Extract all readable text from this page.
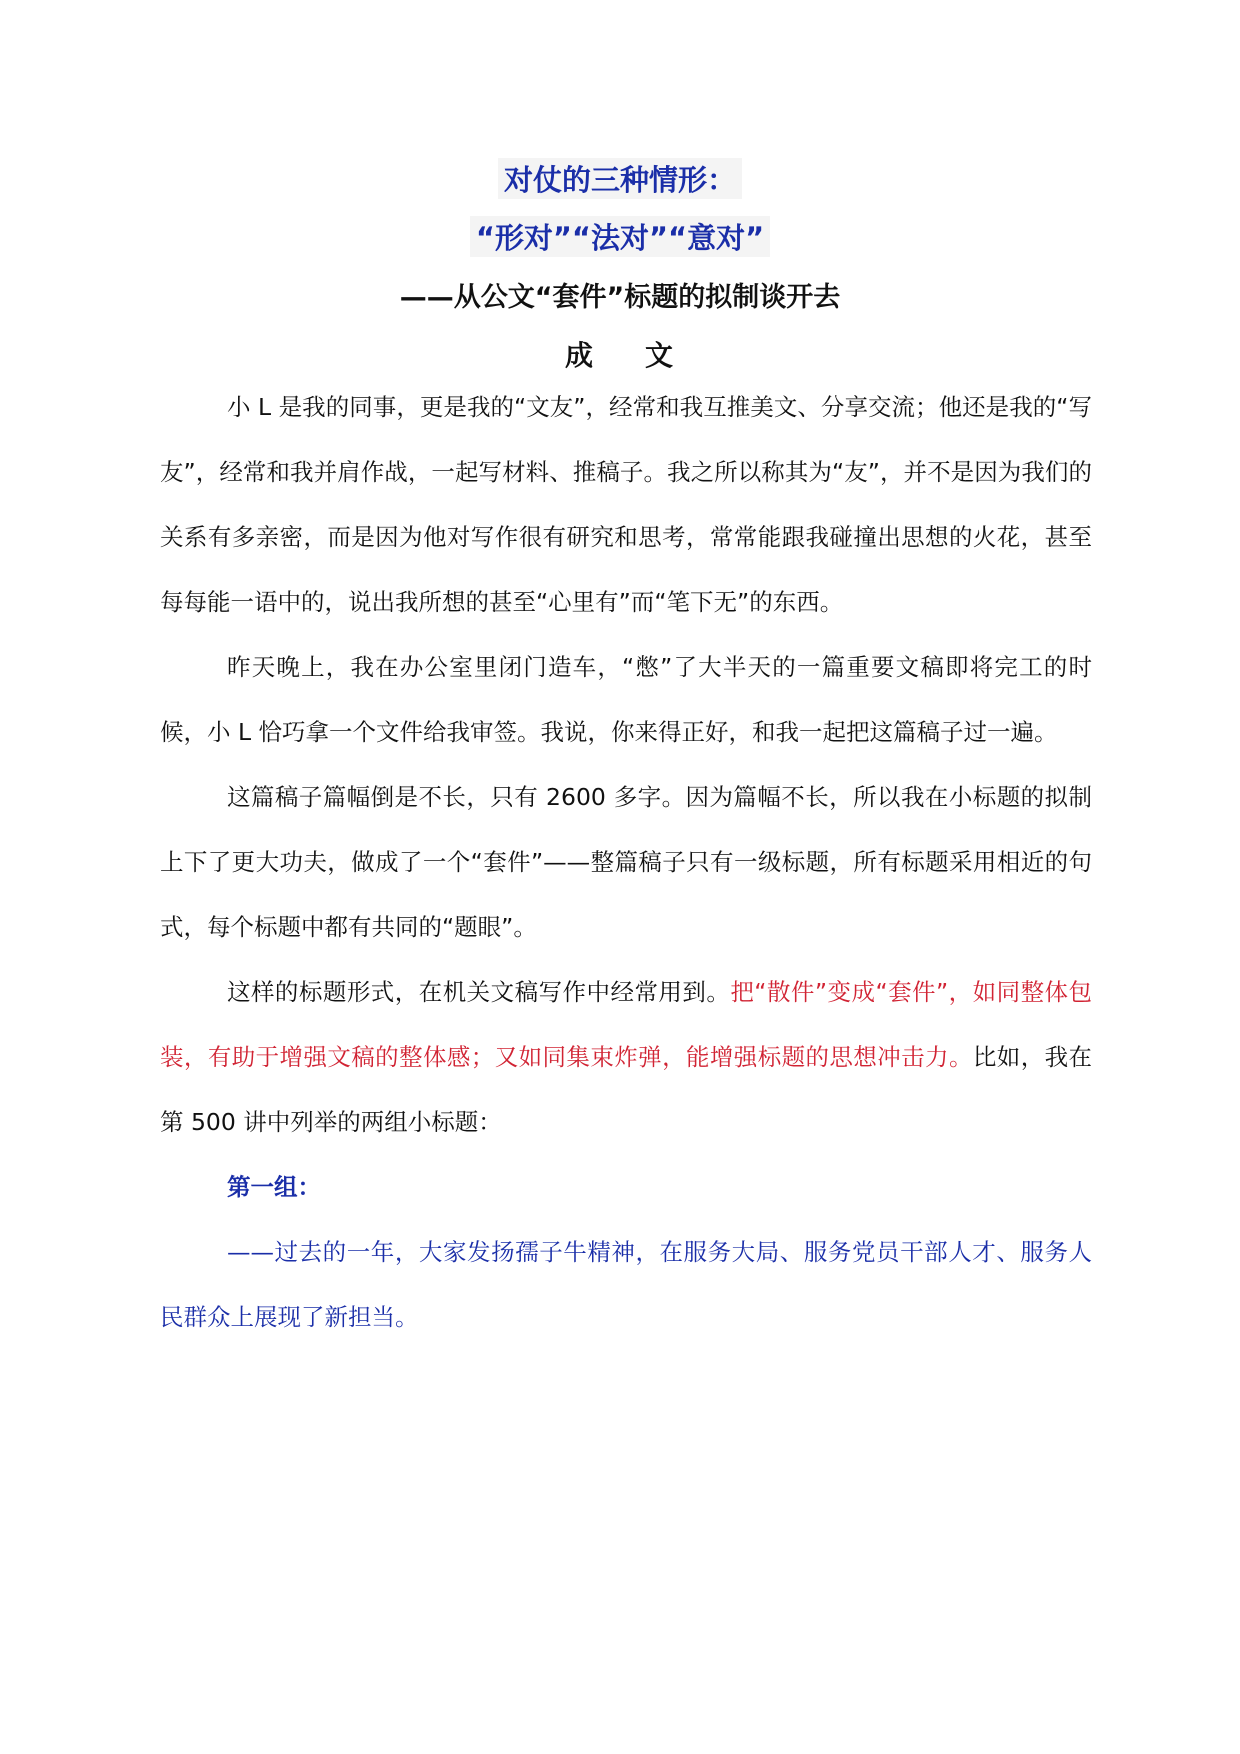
对仗的三种情形：
“形对”“法对”“意对”
——从公文“套件”标题的拟制谈开去
成 文

小 L 是我的同事，更是我的“文友”，经常和我互推美文、分享交流；他还是我的“写友”，经常和我并肩作战，一起写材料、推稿子。我之所以称其为“友”，并不是因为我们的关系有多亲密，而是因为他对写作很有研究和思考，常常能跟我碰撞出思想的火花，甚至每每能一语中的，说出我所想的甚至“心里有”而“笔下无”的东西。

昨天晚上，我在办公室里闭门造车，“憋”了大半天的一篇重要文稿即将完工的时候，小 L 恰巧拿一个文件给我审签。我说，你来得正好，和我一起把这篇稿子过一遍。

这篇稿子篇幅倒是不长，只有 2600 多字。因为篇幅不长，所以我在小标题的拟制上下了更大功夫，做成了一个“套件”——整篇稿子只有一级标题，所有标题采用相近的句式，每个标题中都有共同的“题眼”。

这样的标题形式，在机关文稿写作中经常用到。把“散件”变成“套件”，如同整体包装，有助于增强文稿的整体感；又如同集束炸弹，能增强标题的思想冲击力。比如，我在第 500 讲中列举的两组小标题：

第一组：

——过去的一年，大家发扬孺子牛精神，在服务大局、服务党员干部人才、服务人民群众上展现了新担当。
